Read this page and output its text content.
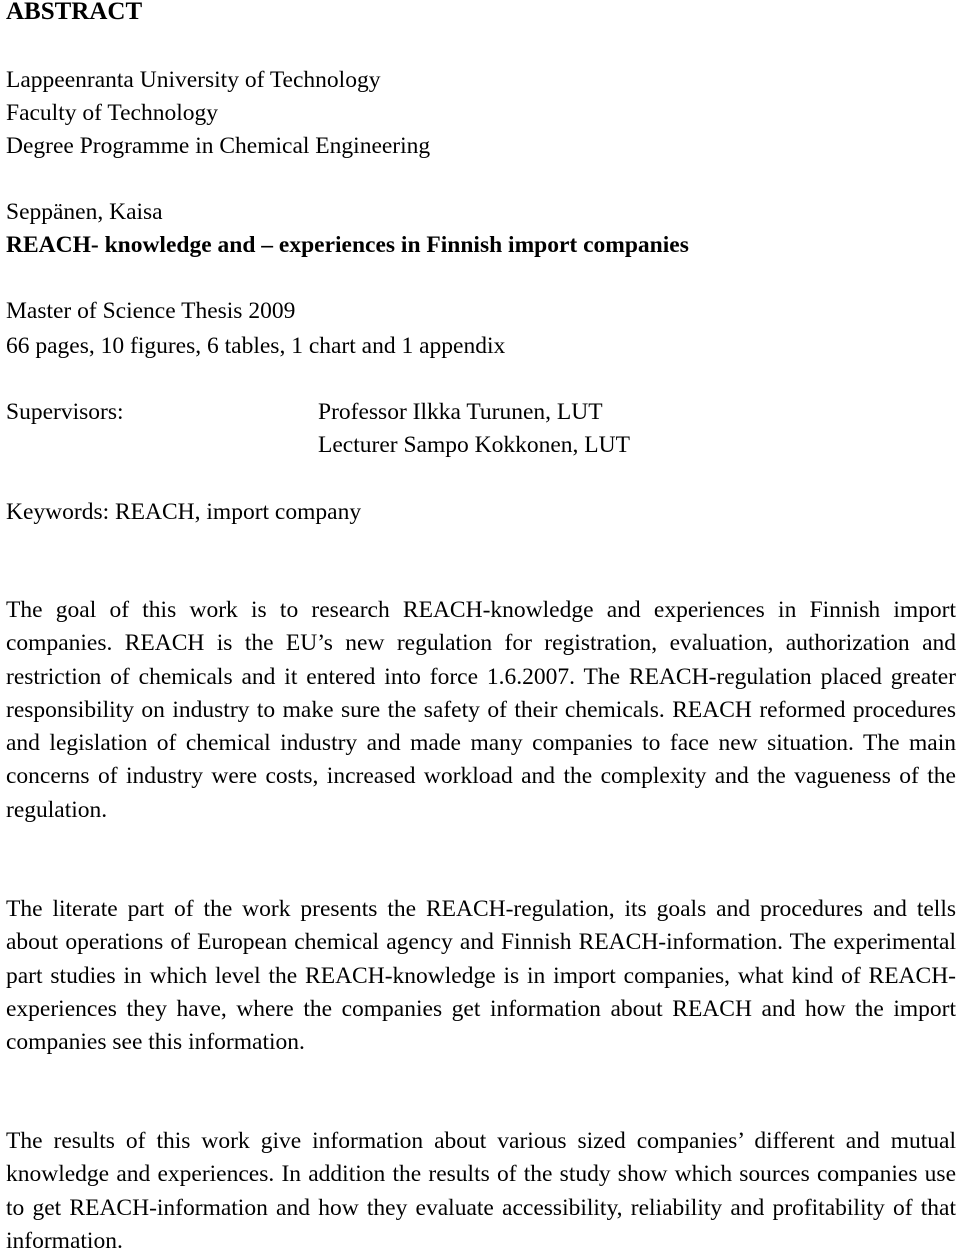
ABSTRACT
Lappeenranta University of Technology
Faculty of Technology
Degree Programme in Chemical Engineering
Seppänen, Kaisa
REACH- knowledge and – experiences in Finnish import companies
Master of Science Thesis 2009
66 pages, 10 figures, 6 tables, 1 chart and 1 appendix
Supervisors:	Professor Ilkka Turunen, LUT
Lecturer Sampo Kokkonen, LUT
Keywords: REACH, import company
The goal of this work is to research REACH-knowledge and experiences in Finnish import companies. REACH is the EU’s new regulation for registration, evaluation, authorization and restriction of chemicals and it entered into force 1.6.2007. The REACH-regulation placed greater responsibility on industry to make sure the safety of their chemicals. REACH reformed procedures and legislation of chemical industry and made many companies to face new situation. The main concerns of industry were costs, increased workload and the complexity and the vagueness of the regulation.
The literate part of the work presents the REACH-regulation, its goals and procedures and tells about operations of European chemical agency and Finnish REACH-information. The experimental part studies in which level the REACH-knowledge is in import companies, what kind of REACH-experiences they have, where the companies get information about REACH and how the import companies see this information.
The results of this work give information about various sized companies’ different and mutual knowledge and experiences. In addition the results of the study show which sources companies use to get REACH-information and how they evaluate accessibility, reliability and profitability of that information.
